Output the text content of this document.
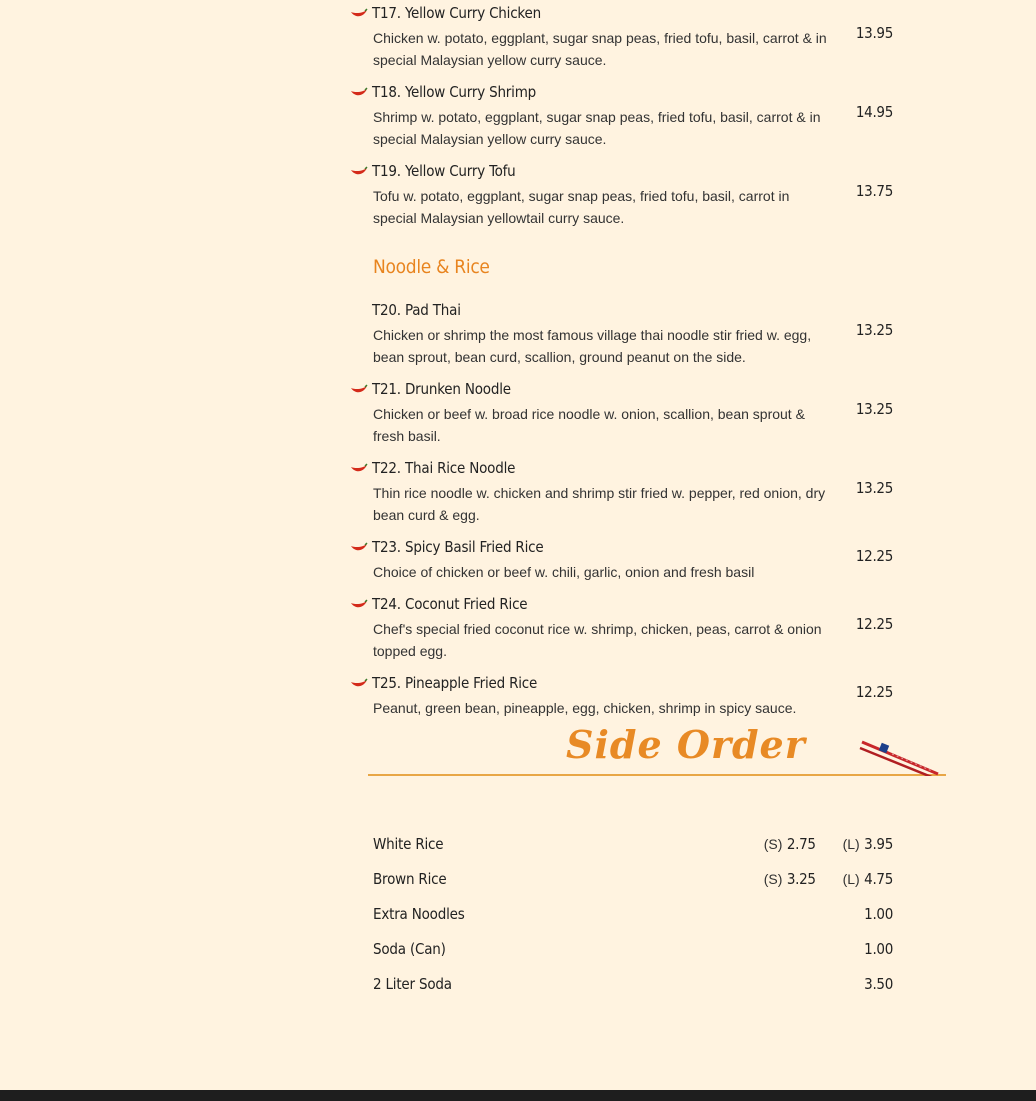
T17. Yellow Curry Chicken
Chicken w. potato, eggplant, sugar snap peas, fried tofu, basil, carrot & in special Malaysian yellow curry sauce.
13.95
T18. Yellow Curry Shrimp
Shrimp w. potato, eggplant, sugar snap peas, fried tofu, basil, carrot & in special Malaysian yellow curry sauce.
14.95
T19. Yellow Curry Tofu
Tofu w. potato, eggplant, sugar snap peas, fried tofu, basil, carrot in special Malaysian yellowtail curry sauce.
13.75
Noodle & Rice
T20. Pad Thai
Chicken or shrimp the most famous village thai noodle stir fried w. egg, bean sprout, bean curd, scallion, ground peanut on the side.
13.25
T21. Drunken Noodle
Chicken or beef w. broad rice noodle w. onion, scallion, bean sprout & fresh basil.
13.25
T22. Thai Rice Noodle
Thin rice noodle w. chicken and shrimp stir fried w. pepper, red onion, dry bean curd & egg.
13.25
T23. Spicy Basil Fried Rice
Choice of chicken or beef w. chili, garlic, onion and fresh basil
12.25
T24. Coconut Fried Rice
Chef's special fried coconut rice w. shrimp, chicken, peas, carrot & onion topped egg.
12.25
T25. Pineapple Fried Rice
Peanut, green bean, pineapple, egg, chicken, shrimp in spicy sauce.
12.25
Side Order
White Rice	(S) 2.75 (L) 3.95
Brown Rice	(S) 3.25 (L) 4.75
Extra Noodles	1.00
Soda (Can)	1.00
2 Liter Soda	3.50
